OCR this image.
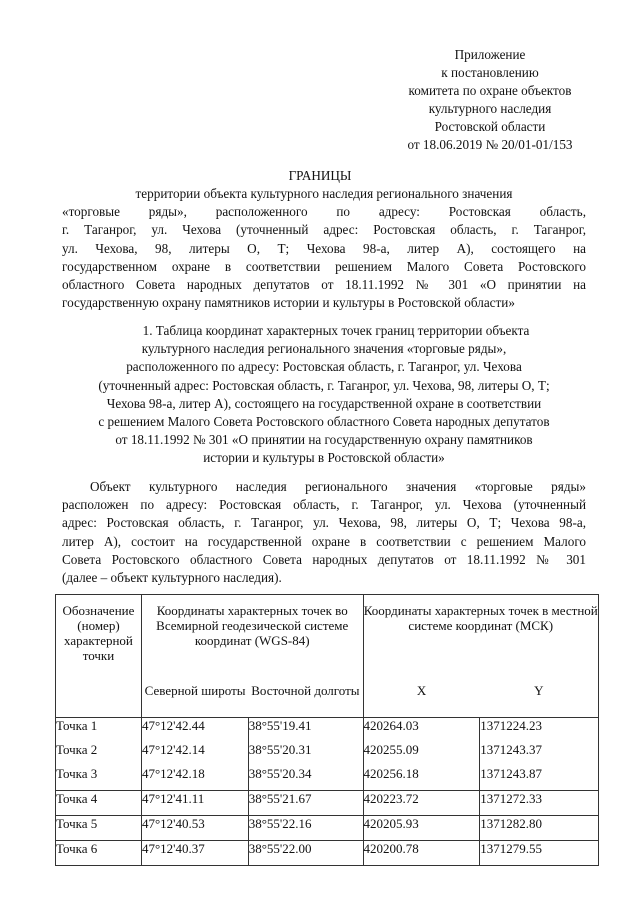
Приложение
к постановлению
комитета по охране объектов
культурного наследия
Ростовской области
от 18.06.2019 № 20/01-01/153
ГРАНИЦЫ
территории объекта культурного наследия регионального значения
«торговые ряды», расположенного по адресу: Ростовская область,
г. Таганрог, ул. Чехова (уточненный адрес: Ростовская область, г. Таганрог,
ул. Чехова, 98, литеры О, Т; Чехова 98-а, литер А), состоящего на
государственном охране в соответствии решением Малого Совета Ростовского
областного Совета народных депутатов от 18.11.1992 № 301 «О принятии на
государственную охрану памятников истории и культуры в Ростовской области»
1. Таблица координат характерных точек границ территории объекта
культурного наследия регионального значения «торговые ряды»,
расположенного по адресу: Ростовская область, г. Таганрог, ул. Чехова
(уточненный адрес: Ростовская область, г. Таганрог, ул. Чехова, 98, литеры О, Т;
Чехова 98-а, литер А), состоящего на государственной охране в соответствии
с решением Малого Совета Ростовского областного Совета народных депутатов
от 18.11.1992 № 301 «О принятии на государственную охрану памятников
истории и культуры в Ростовской области»
Объект культурного наследия регионального значения «торговые ряды»
расположен по адресу: Ростовская область, г. Таганрог, ул. Чехова (уточненный
адрес: Ростовская область, г. Таганрог, ул. Чехова, 98, литеры О, Т; Чехова 98-а,
литер А), состоит на государственной охране в соответствии с решением Малого
Совета Ростовского областного Совета народных депутатов от 18.11.1992 № 301
(далее – объект культурного наследия).
Обозначение (номер) характерной точки	Координаты характерных точек во Всемирной геодезической системе координат (WGS-84)		Координаты характерных точек в местной системе координат (МСК)	
	Северной широты	Восточной долготы	X	Y
Точка 1	47°12'42.44	38°55'19.41	420264.03	1371224.23
Точка 2	47°12'42.14	38°55'20.31	420255.09	1371243.37
Точка 3	47°12'42.18	38°55'20.34	420256.18	1371243.87
Точка 4	47°12'41.11	38°55'21.67	420223.72	1371272.33
Точка 5	47°12'40.53	38°55'22.16	420205.93	1371282.80
Точка 6	47°12'40.37	38°55'22.00	420200.78	1371279.55
